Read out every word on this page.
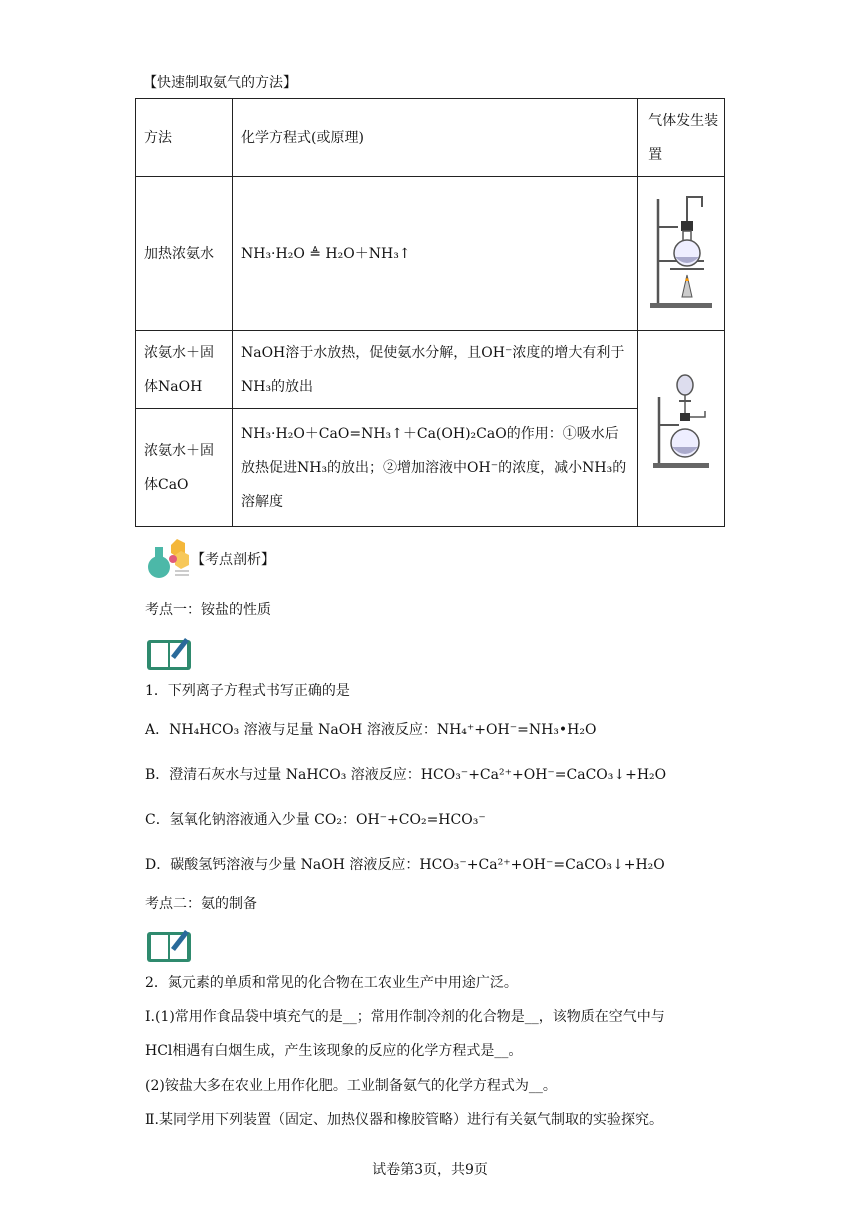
【快速制取氨气的方法】
方法	化学方程式(或原理)	气体发生装置
加热浓氨水	NH₃·H₂O ≜ H₂O＋NH₃↑	
浓氨水＋固体NaOH	NaOH溶于水放热，促使氨水分解，且OH⁻浓度的增大有利于NH₃的放出	
浓氨水＋固体CaO	NH₃·H₂O＋CaO=NH₃↑＋Ca(OH)₂CaO的作用：①吸水后放热促进NH₃的放出；②增加溶液中OH⁻的浓度，减小NH₃的溶解度	
【考点剖析】
考点一：铵盐的性质
1．下列离子方程式书写正确的是
A．NH₄HCO₃ 溶液与足量 NaOH 溶液反应：NH₄⁺+OH⁻=NH₃•H₂O
B．澄清石灰水与过量 NaHCO₃ 溶液反应：HCO₃⁻+Ca²⁺+OH⁻=CaCO₃↓+H₂O
C．氢氧化钠溶液通入少量 CO₂：OH⁻+CO₂=HCO₃⁻
D．碳酸氢钙溶液与少量 NaOH 溶液反应：HCO₃⁻+Ca²⁺+OH⁻=CaCO₃↓+H₂O
考点二：氨的制备
2．氮元素的单质和常见的化合物在工农业生产中用途广泛。
Ⅰ.(1)常用作食品袋中填充气的是__；常用作制冷剂的化合物是__，该物质在空气中与
HCl相遇有白烟生成，产生该现象的反应的化学方程式是__。
(2)铵盐大多在农业上用作化肥。工业制备氨气的化学方程式为__。
Ⅱ.某同学用下列装置（固定、加热仪器和橡胶管略）进行有关氨气制取的实验探究。
试卷第3页，共9页
